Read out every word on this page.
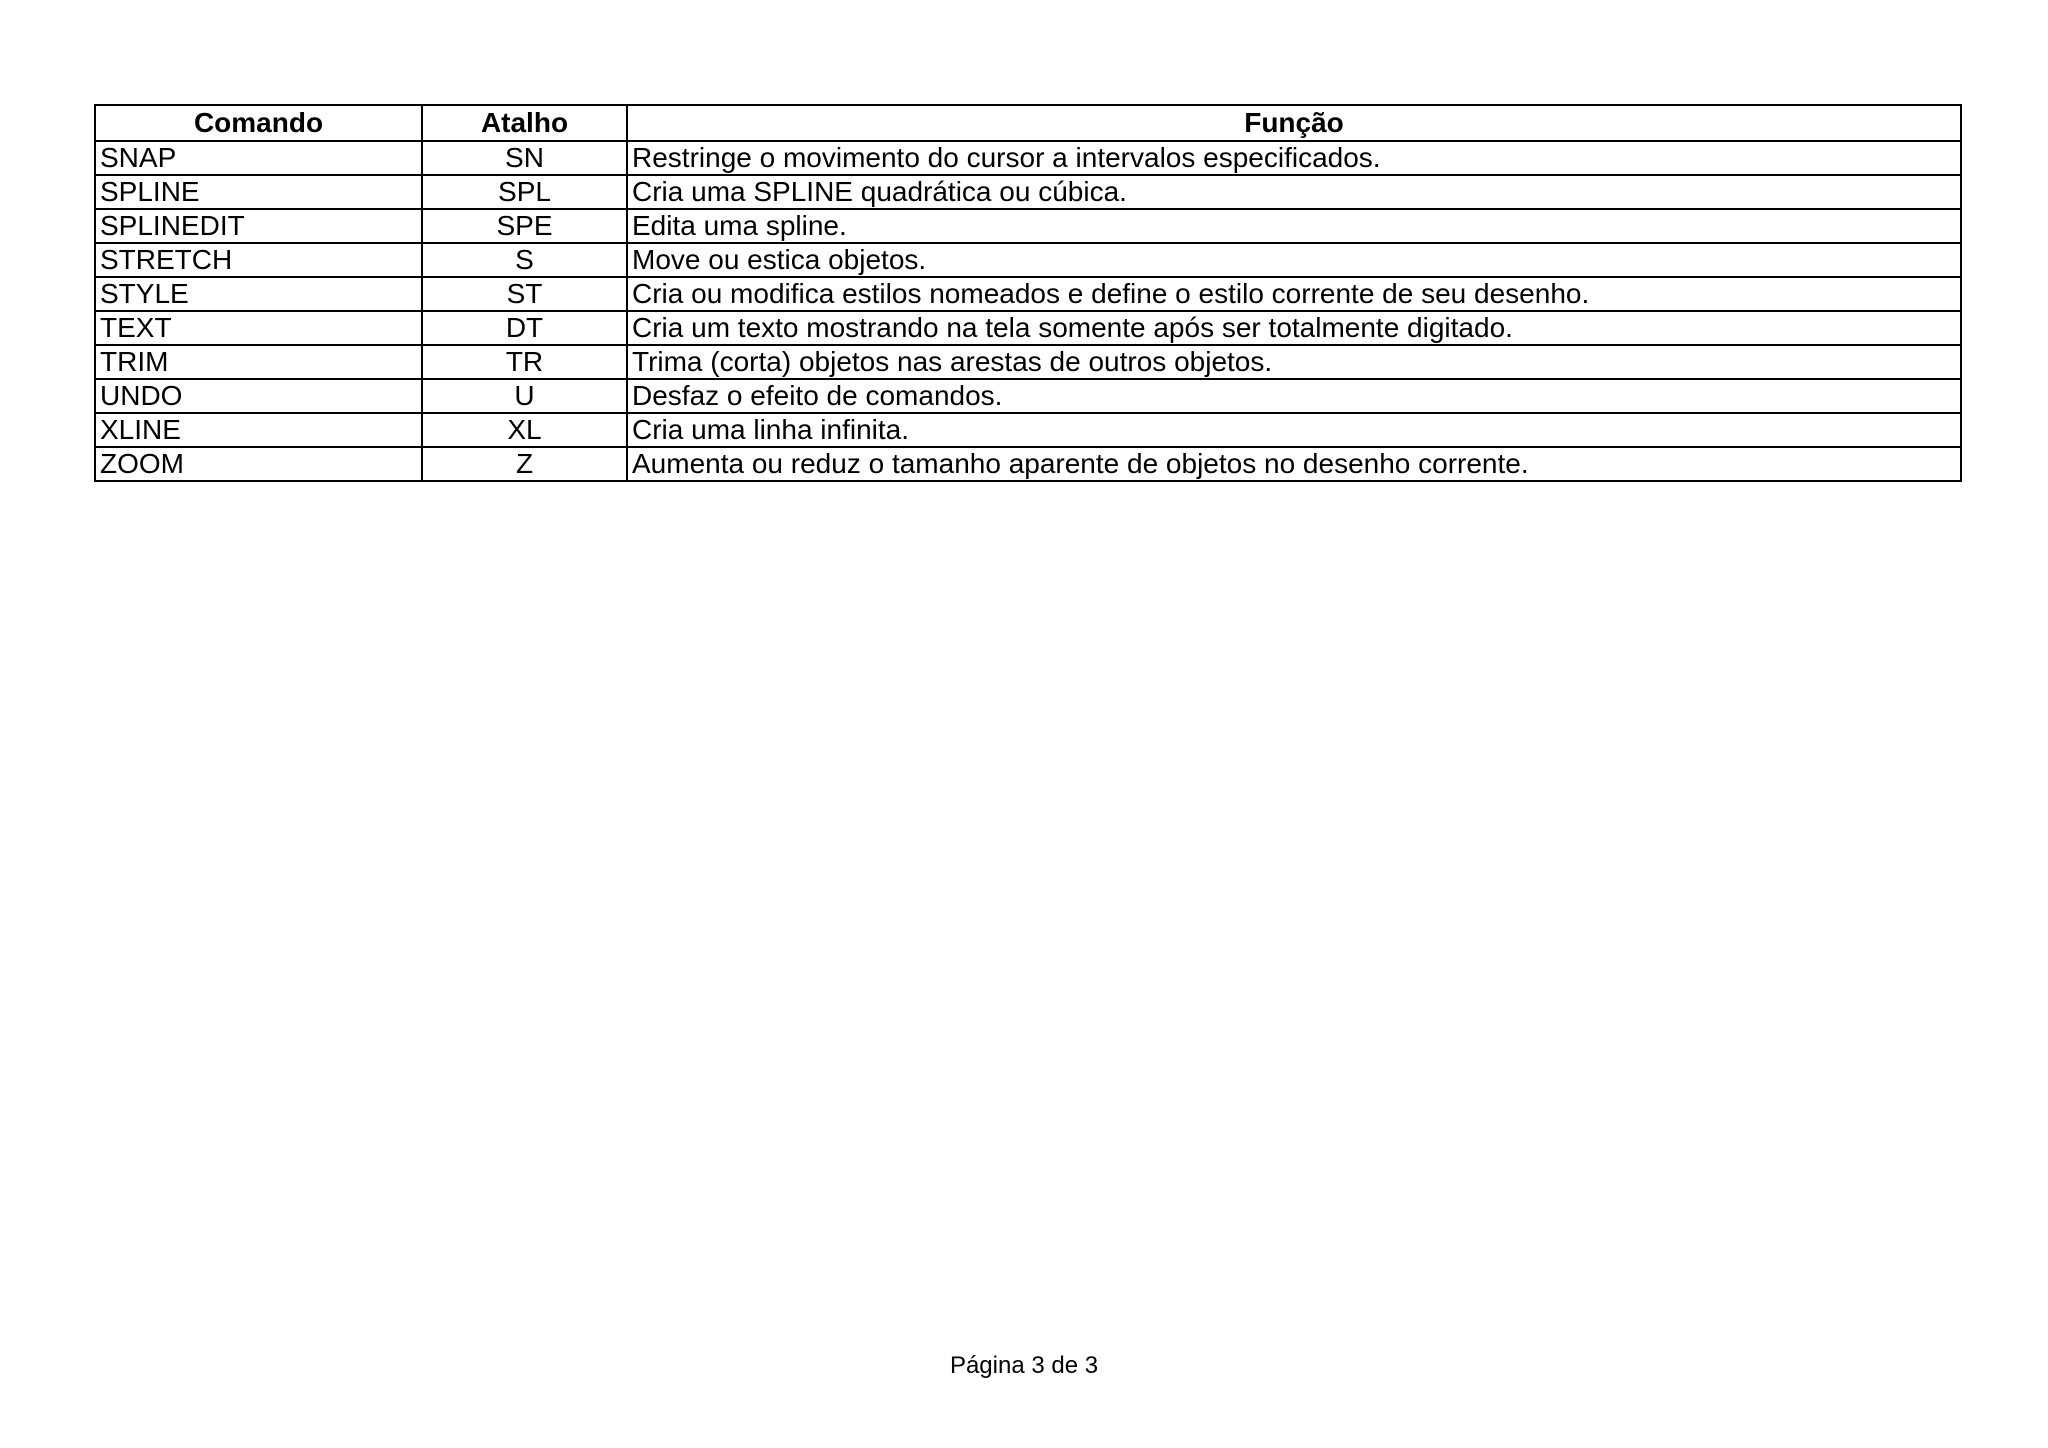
Comando	Atalho	Função
SNAP	SN	Restringe o movimento do cursor a intervalos especificados.
SPLINE	SPL	Cria uma SPLINE quadrática ou cúbica.
SPLINEDIT	SPE	Edita uma spline.
STRETCH	S	Move ou estica objetos.
STYLE	ST	Cria ou modifica estilos nomeados e define o estilo corrente de seu desenho.
TEXT	DT	Cria um texto mostrando na tela somente após ser totalmente digitado.
TRIM	TR	Trima (corta) objetos nas arestas de outros objetos.
UNDO	U	Desfaz o efeito de comandos.
XLINE	XL	Cria uma linha infinita.
ZOOM	Z	Aumenta ou reduz o tamanho aparente de objetos no desenho corrente.
Página 3 de 3
